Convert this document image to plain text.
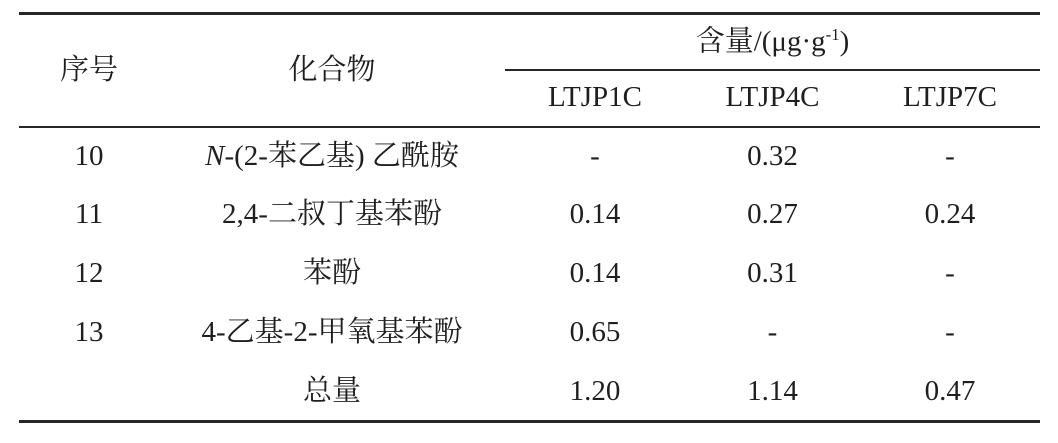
序号	化合物	含量$/(\mu g\cdot g^{-1})$		
		LTJP1C	LTJP4C	LTJP7C
10	N-(2-苯乙基) 乙酰胺	-	0.32	-
11	2,4-二叔丁基苯酚	0.14	0.27	0.24
12	苯酚	0.14	0.31	-
13	4-乙基-2-甲氧基苯酚	0.65	-	-
	总量	1.20	1.14	0.47
